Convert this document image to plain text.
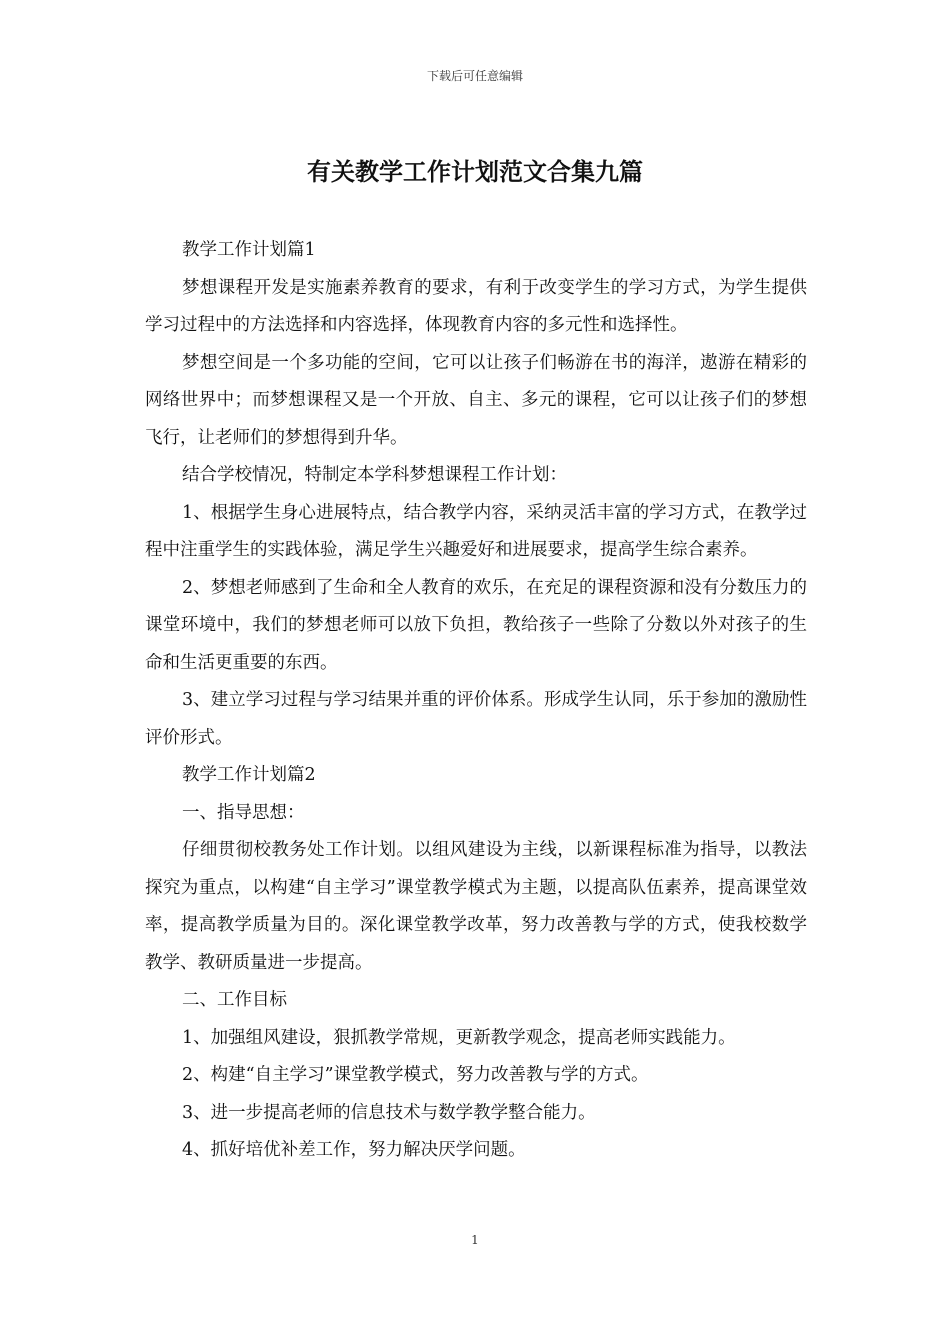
下载后可任意编辑
有关教学工作计划范文合集九篇

教学工作计划篇1

梦想课程开发是实施素养教育的要求，有利于改变学生的学习方式，为学生提供学习过程中的方法选择和内容选择，体现教育内容的多元性和选择性。

梦想空间是一个多功能的空间，它可以让孩子们畅游在书的海洋，遨游在精彩的网络世界中；而梦想课程又是一个开放、自主、多元的课程，它可以让孩子们的梦想飞行，让老师们的梦想得到升华。

结合学校情况，特制定本学科梦想课程工作计划：

1、根据学生身心进展特点，结合教学内容，采纳灵活丰富的学习方式，在教学过程中注重学生的实践体验，满足学生兴趣爱好和进展要求，提高学生综合素养。

2、梦想老师感到了生命和全人教育的欢乐，在充足的课程资源和没有分数压力的课堂环境中，我们的梦想老师可以放下负担，教给孩子一些除了分数以外对孩子的生命和生活更重要的东西。

3、建立学习过程与学习结果并重的评价体系。形成学生认同，乐于参加的激励性评价形式。

教学工作计划篇2

一、指导思想：

仔细贯彻校教务处工作计划。以组风建设为主线，以新课程标准为指导，以教法探究为重点，以构建“自主学习”课堂教学模式为主题，以提高队伍素养，提高课堂效率，提高教学质量为目的。深化课堂教学改革，努力改善教与学的方式，使我校数学教学、教研质量进一步提高。

二、工作目标

1、加强组风建设，狠抓教学常规，更新教学观念，提高老师实践能力。

2、构建“自主学习”课堂教学模式，努力改善教与学的方式。

3、进一步提高老师的信息技术与数学教学整合能力。

4、抓好培优补差工作，努力解决厌学问题。

1
